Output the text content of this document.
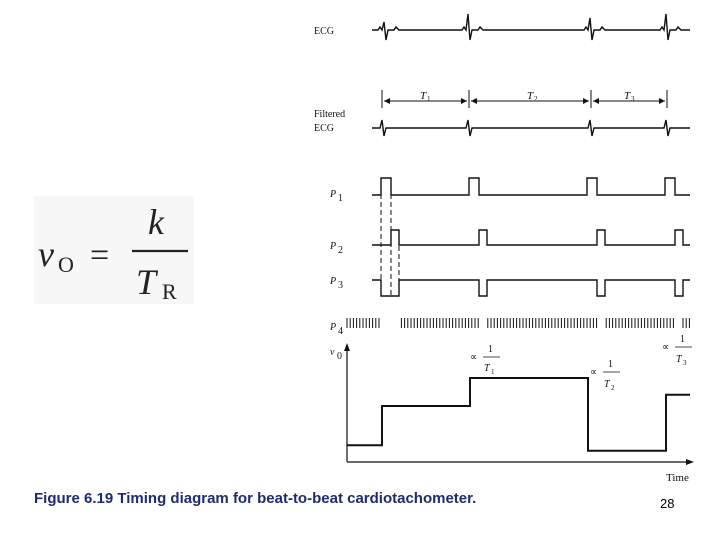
v O =
k
T R
ECG
Filtered
ECG
P 1
P 2
P 3
P 4
v 0
T 1	T 2	T 3
Time
∝
1
T 1	∝
1
T 2
∝
1
T 3
Figure 6.19 Timing diagram for beat-to-beat cardiotachometer.	28
